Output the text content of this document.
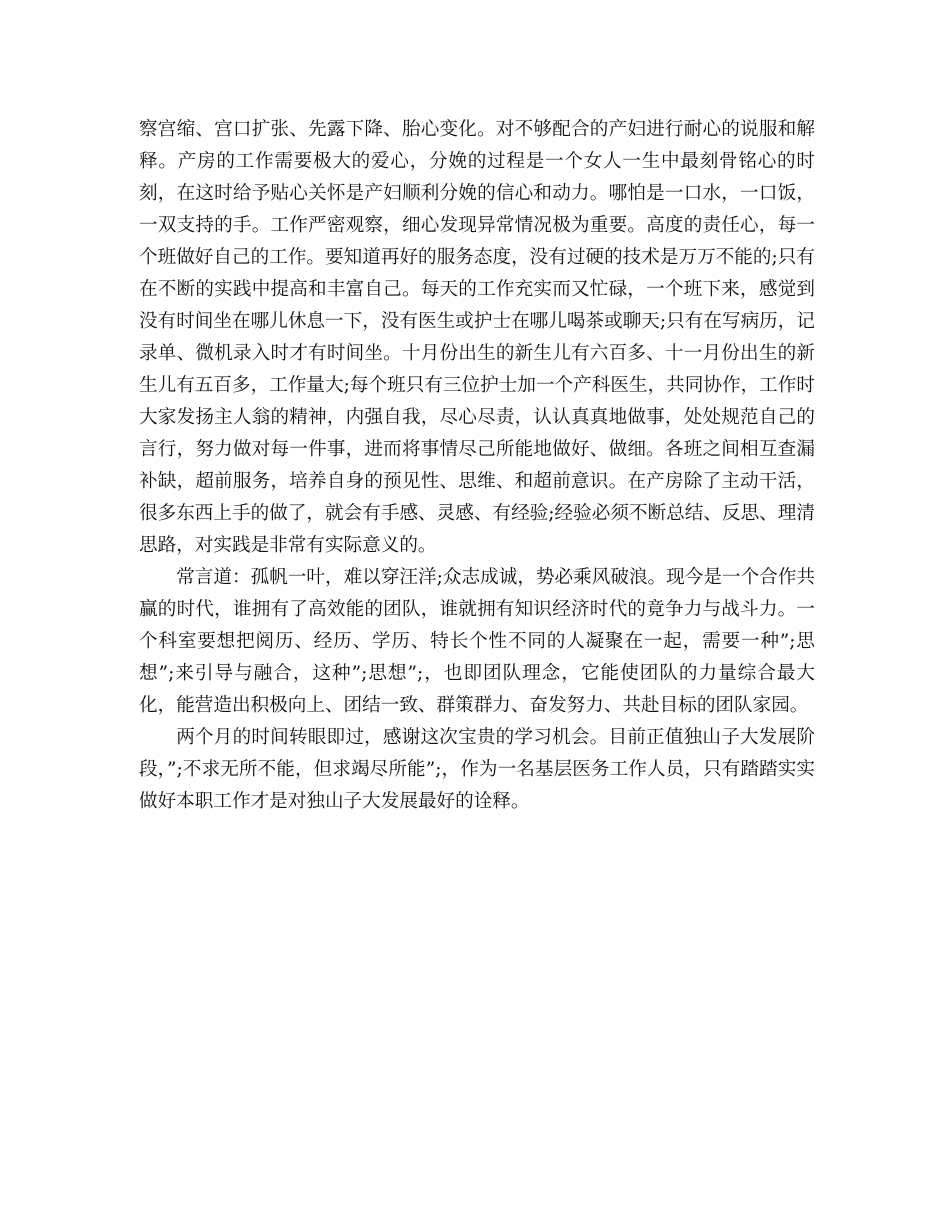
察宫缩、宫口扩张、先露下降、胎心变化。对不够配合的产妇进行耐心的说服和解释。产房的工作需要极大的爱心，分娩的过程是一个女人一生中最刻骨铭心的时刻，在这时给予贴心关怀是产妇顺利分娩的信心和动力。哪怕是一口水，一口饭，一双支持的手。工作严密观察，细心发现异常情况极为重要。高度的责任心，每一个班做好自己的工作。要知道再好的服务态度，没有过硬的技术是万万不能的;只有在不断的实践中提高和丰富自己。每天的工作充实而又忙碌，一个班下来，感觉到没有时间坐在哪儿休息一下，没有医生或护士在哪儿喝茶或聊天;只有在写病历，记录单、微机录入时才有时间坐。十月份出生的新生儿有六百多、十一月份出生的新生儿有五百多，工作量大;每个班只有三位护士加一个产科医生，共同协作，工作时大家发扬主人翁的精神，内强自我，尽心尽责，认认真真地做事，处处规范自己的言行，努力做对每一件事，进而将事情尽己所能地做好、做细。各班之间相互查漏补缺，超前服务，培养自身的预见性、思维、和超前意识。在产房除了主动干活，很多东西上手的做了，就会有手感、灵感、有经验;经验必须不断总结、反思、理清思路，对实践是非常有实际意义的。

常言道：孤帆一叶，难以穿汪洋;众志成诚，势必乘风破浪。现今是一个合作共赢的时代，谁拥有了高效能的团队，谁就拥有知识经济时代的竟争力与战斗力。一个科室要想把阅历、经历、学历、特长个性不同的人凝聚在一起，需要一种”;思想”;来引导与融合，这种”;思想”;，也即团队理念，它能使团队的力量综合最大化，能营造出积极向上、团结一致、群策群力、奋发努力、共赴目标的团队家园。

两个月的时间转眼即过，感谢这次宝贵的学习机会。目前正值独山子大发展阶段，”;不求无所不能，但求竭尽所能”;，作为一名基层医务工作人员，只有踏踏实实做好本职工作才是对独山子大发展最好的诠释。
